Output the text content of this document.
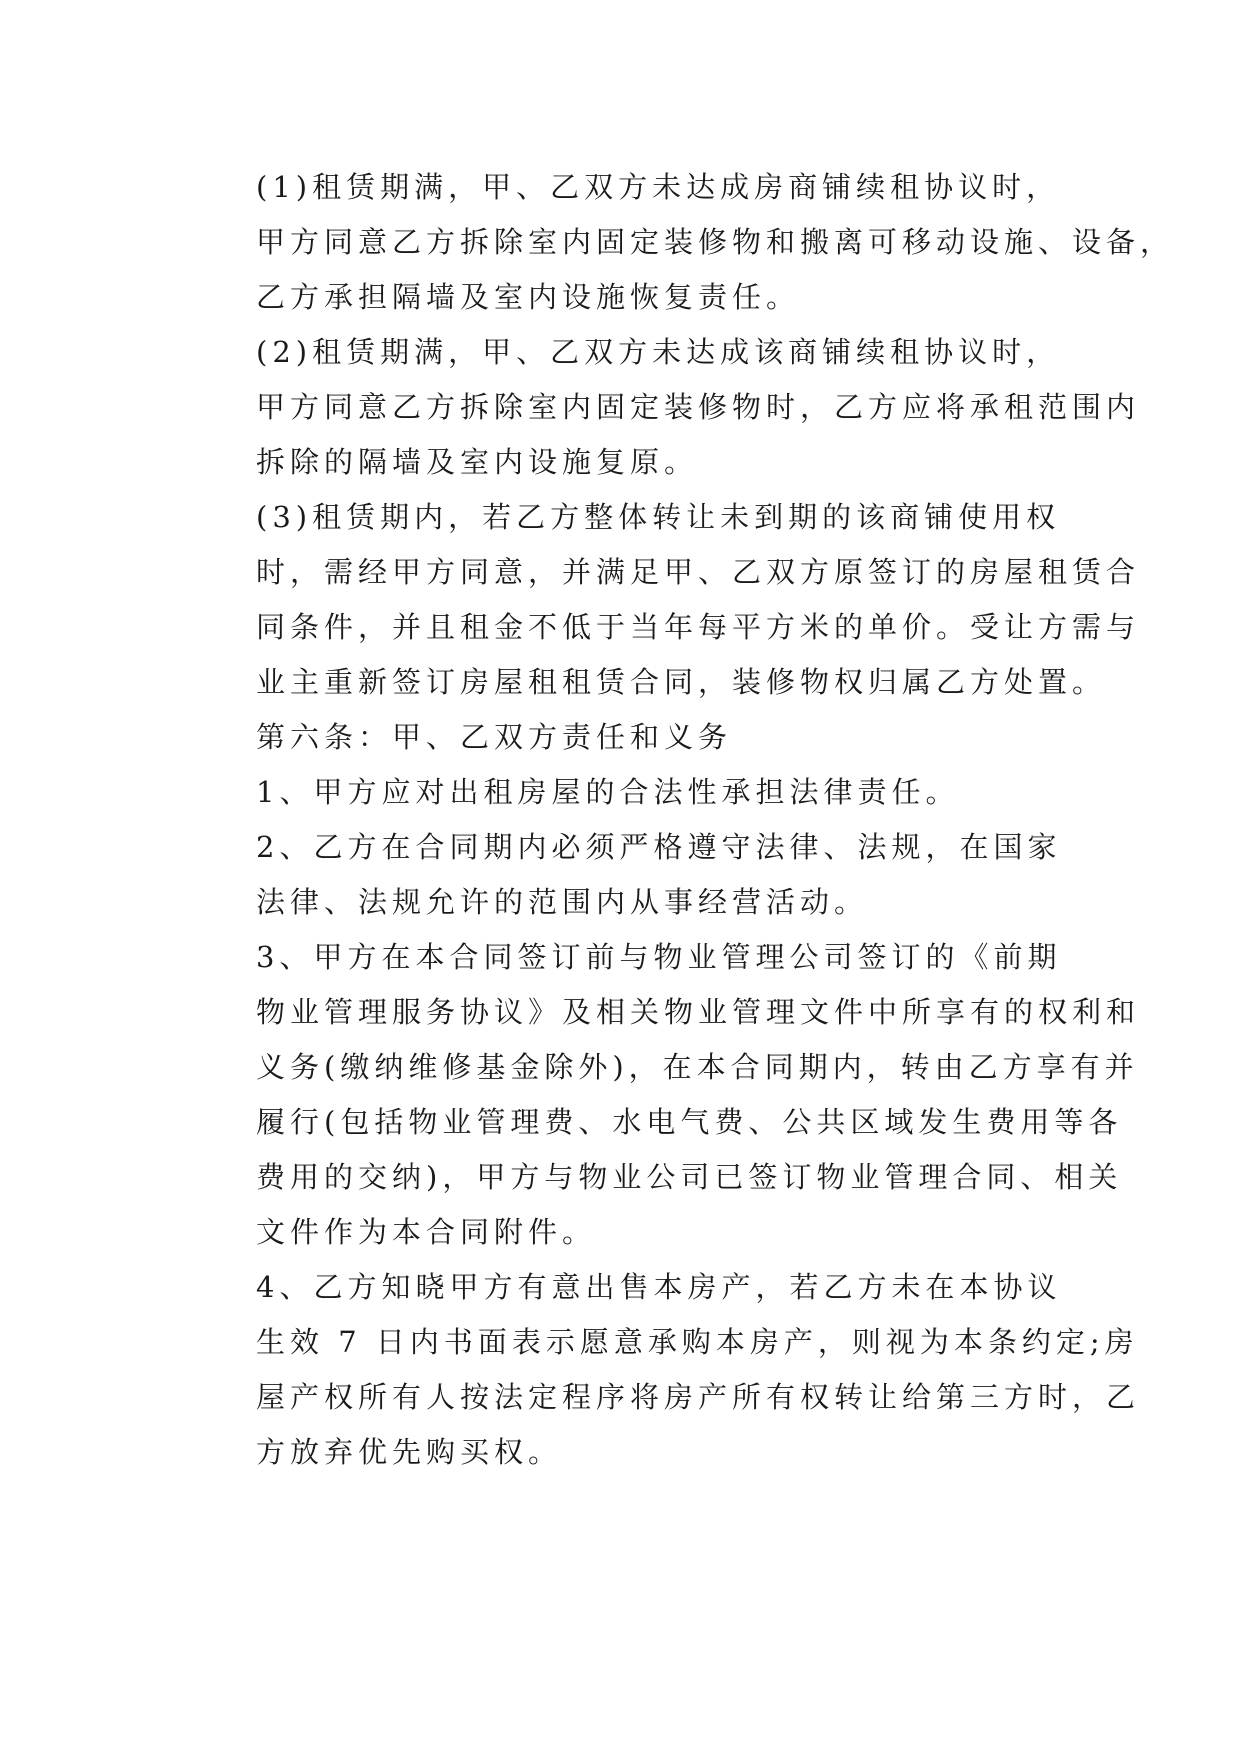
(1)租赁期满，甲、乙双方未达成房商铺续租协议时，
甲方同意乙方拆除室内固定装修物和搬离可移动设施、设备，
乙方承担隔墙及室内设施恢复责任。

(2)租赁期满，甲、乙双方未达成该商铺续租协议时，
甲方同意乙方拆除室内固定装修物时，乙方应将承租范围内
拆除的隔墙及室内设施复原。

(3)租赁期内，若乙方整体转让未到期的该商铺使用权
时，需经甲方同意，并满足甲、乙双方原签订的房屋租赁合
同条件，并且租金不低于当年每平方米的单价。受让方需与
业主重新签订房屋租租赁合同，装修物权归属乙方处置。

第六条：甲、乙双方责任和义务

1、甲方应对出租房屋的合法性承担法律责任。

2、乙方在合同期内必须严格遵守法律、法规，在国家
法律、法规允许的范围内从事经营活动。

3、甲方在本合同签订前与物业管理公司签订的《前期
物业管理服务协议》及相关物业管理文件中所享有的权利和
义务(缴纳维修基金除外)，在本合同期内，转由乙方享有并
履行(包括物业管理费、水电气费、公共区域发生费用等各
费用的交纳)，甲方与物业公司已签订物业管理合同、相关
文件作为本合同附件。

4、乙方知晓甲方有意出售本房产，若乙方未在本协议
生效 7 日内书面表示愿意承购本房产，则视为本条约定;房
屋产权所有人按法定程序将房产所有权转让给第三方时，乙
方放弃优先购买权。
